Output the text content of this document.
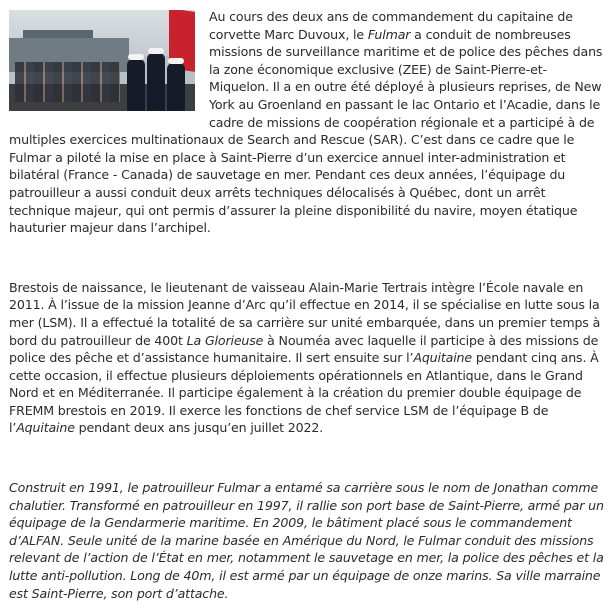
Au cours des deux ans de commandement du capitaine de corvette Marc Duvoux, le Fulmar a conduit de nombreuses missions de surveillance maritime et de police des pêches dans la zone économique exclusive (ZEE) de Saint-Pierre-et-Miquelon. Il a en outre été déployé à plusieurs reprises, de New York au Groenland en passant le lac Ontario et l’Acadie, dans le cadre de missions de coopération régionale et a participé à de multiples exercices multinationaux de Search and Rescue (SAR). C’est dans ce cadre que le Fulmar a piloté la mise en place à Saint-Pierre d’un exercice annuel inter-administration et bilatéral (France - Canada) de sauvetage en mer. Pendant ces deux années, l’équipage du patrouilleur a aussi conduit deux arrêts techniques délocalisés à Québec, dont un arrêt technique majeur, qui ont permis d’assurer la pleine disponibilité du navire, moyen étatique hauturier majeur dans l’archipel.

Brestois de naissance, le lieutenant de vaisseau Alain-Marie Tertrais intègre l’École navale en 2011. À l’issue de la mission Jeanne d’Arc qu’il effectue en 2014, il se spécialise en lutte sous la mer (LSM). Il a effectué la totalité de sa carrière sur unité embarquée, dans un premier temps à bord du patrouilleur de 400t La Glorieuse à Nouméa avec laquelle il participe à des missions de police des pêche et d’assistance humanitaire. Il sert ensuite sur l’Aquitaine pendant cinq ans. À cette occasion, il effectue plusieurs déploiements opérationnels en Atlantique, dans le Grand Nord et en Méditerranée. Il participe également à la création du premier double équipage de FREMM brestois en 2019. Il exerce les fonctions de chef service LSM de l’équipage B de l’Aquitaine pendant deux ans jusqu’en juillet 2022.

Construit en 1991, le patrouilleur Fulmar a entamé sa carrière sous le nom de Jonathan comme chalutier. Transformé en patrouilleur en 1997, il rallie son port base de Saint-Pierre, armé par un équipage de la Gendarmerie maritime. En 2009, le bâtiment placé sous le commandement d’ALFAN. Seule unité de la marine basée en Amérique du Nord, le Fulmar conduit des missions relevant de l’action de l’État en mer, notamment le sauvetage en mer, la police des pêches et la lutte anti-pollution. Long de 40m, il est armé par un équipage de onze marins. Sa ville marraine est Saint-Pierre, son port d’attache.
